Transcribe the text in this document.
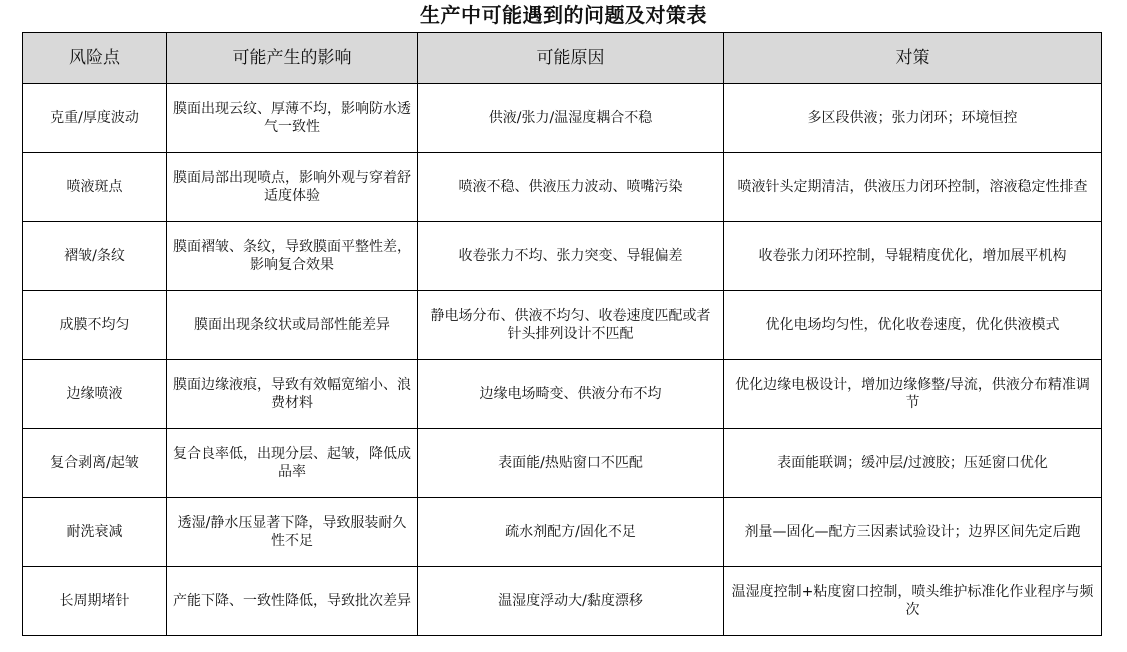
生产中可能遇到的问题及对策表
风险点	可能产生的影响	可能原因	对策
克重/厚度波动	膜面出现云纹、厚薄不均，影响防水透气一致性	供液/张力/温湿度耦合不稳	多区段供液；张力闭环；环境恒控
喷液斑点	膜面局部出现喷点，影响外观与穿着舒适度体验	喷液不稳、供液压力波动、喷嘴污染	喷液针头定期清洁，供液压力闭环控制，溶液稳定性排查
褶皱/条纹	膜面褶皱、条纹，导致膜面平整性差，影响复合效果	收卷张力不均、张力突变、导辊偏差	收卷张力闭环控制，导辊精度优化，增加展平机构
成膜不均匀	膜面出现条纹状或局部性能差异	静电场分布、供液不均匀、收卷速度匹配或者针头排列设计不匹配	优化电场均匀性，优化收卷速度，优化供液模式
边缘喷液	膜面边缘液痕，导致有效幅宽缩小、浪费材料	边缘电场畸变、供液分布不均	优化边缘电极设计，增加边缘修整/导流，供液分布精准调节
复合剥离/起皱	复合良率低，出现分层、起皱，降低成品率	表面能/热贴窗口不匹配	表面能联调；缓冲层/过渡胶；压延窗口优化
耐洗衰减	透湿/静水压显著下降，导致服装耐久性不足	疏水剂配方/固化不足	剂量—固化—配方三因素试验设计；边界区间先定后跑
长周期堵针	产能下降、一致性降低，导致批次差异	温湿度浮动大/黏度漂移	温湿度控制+粘度窗口控制，喷头维护标准化作业程序与频次
